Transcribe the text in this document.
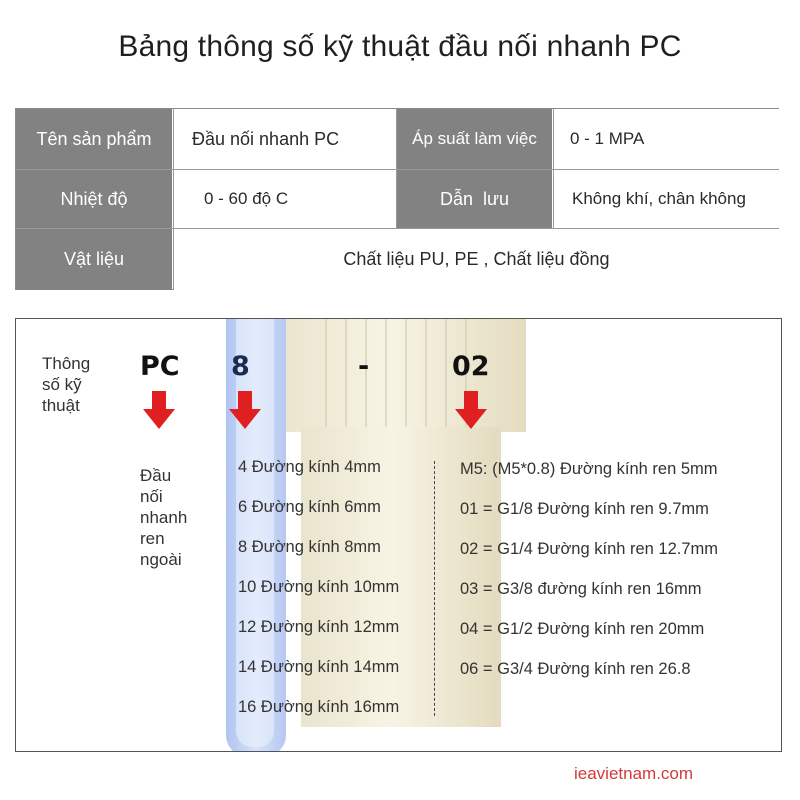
Bảng thông số kỹ thuật đầu nối nhanh PC
Tên sản phẩm	Đầu nối nhanh PC	Áp suất làm việc	0 - 1 MPA
Nhiệt độ	0 - 60 độ C	Dẫn  lưu	Không khí, chân không
Vật liệu	Chất liệu PU, PE , Chất liệu đồng
Thông
số kỹ
thuật
PC 8	-	02
Đầu
nối
nhanh
ren
ngoài
4 Đường kính 4mm
6 Đường kính 6mm
8 Đường kính 8mm
10 Đường kính 10mm
12 Đường kính 12mm
14 Đường kính 14mm
16 Đường kính 16mm
M5: (M5*0.8) Đường kính ren 5mm
01 = G1/8 Đường kính ren 9.7mm
02 = G1/4 Đường kính ren 12.7mm
03 = G3/8 đường kính ren 16mm
04 = G1/2 Đường kính ren 20mm
06 = G3/4 Đường kính ren 26.8
ieavietnam.com
